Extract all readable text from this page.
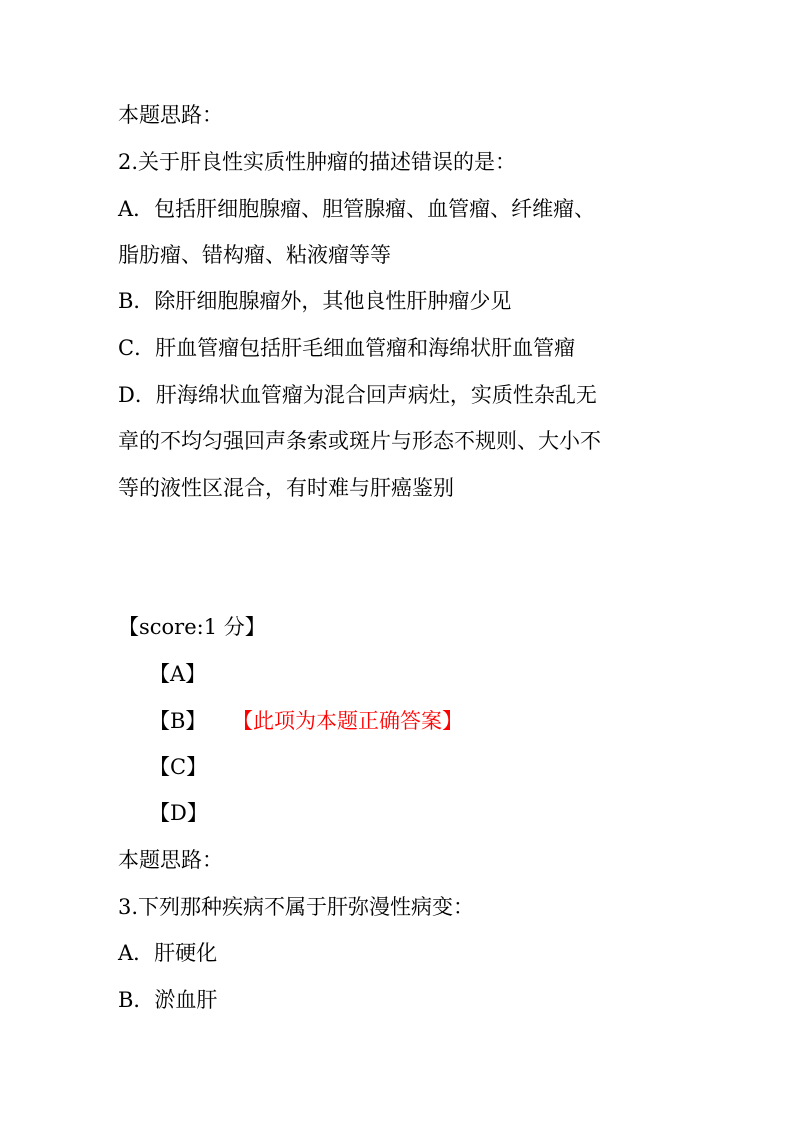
本题思路：
2.关于肝良性实质性肿瘤的描述错误的是：
A．包括肝细胞腺瘤、胆管腺瘤、血管瘤、纤维瘤、
脂肪瘤、错构瘤、粘液瘤等等
B．除肝细胞腺瘤外，其他良性肝肿瘤少见
C．肝血管瘤包括肝毛细血管瘤和海绵状肝血管瘤
D．肝海绵状血管瘤为混合回声病灶，实质性杂乱无
章的不均匀强回声条索或斑片与形态不规则、大小不
等的液性区混合，有时难与肝癌鉴别
【score:1 分】
【A】
【B】 【此项为本题正确答案】
【C】
【D】
本题思路：
3.下列那种疾病不属于肝弥漫性病变：
A．肝硬化
B．淤血肝
